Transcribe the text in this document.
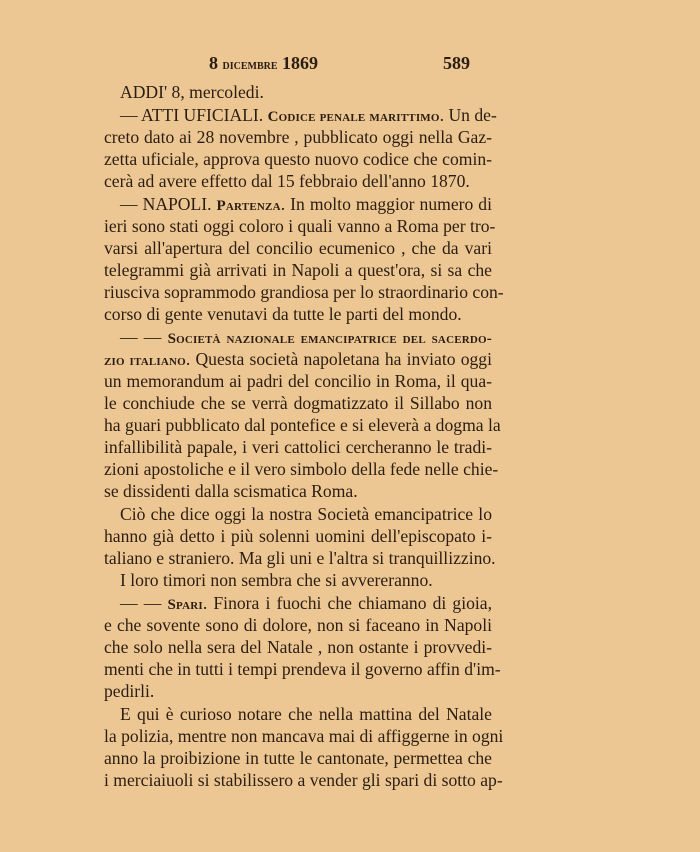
8 dicembre 1869	589
ADDI' 8, mercoledi.
— ATTI UFICIALI. Codice penale marittimo. Un de-
creto dato ai 28 novembre , pubblicato oggi nella Gaz-
zetta uficiale, approva questo nuovo codice che comin-
cerà ad avere effetto dal 15 febbraio dell'anno 1870.
— NAPOLI. Partenza. In molto maggior numero di
ieri sono stati oggi coloro i quali vanno a Roma per tro-
varsi all'apertura del concilio ecumenico , che da vari
telegrammi già arrivati in Napoli a quest'ora, si sa che
riusciva soprammodo grandiosa per lo straordinario con-
corso di gente venutavi da tutte le parti del mondo.
— — Società nazionale emancipatrice del sacerdo-
zio italiano. Questa società napoletana ha inviato oggi
un memorandum ai padri del concilio in Roma, il qua-
le conchiude che se verrà dogmatizzato il Sillabo non
ha guari pubblicato dal pontefice e si eleverà a dogma la
infallibilità papale, i veri cattolici cercheranno le tradi-
zioni apostoliche e il vero simbolo della fede nelle chie-
se dissidenti dalla scismatica Roma.
Ciò che dice oggi la nostra Società emancipatrice lo
hanno già detto i più solenni uomini dell'episcopato i-
taliano e straniero. Ma gli uni e l'altra si tranquillizzino.
I loro timori non sembra che si avvereranno.
— — Spari. Finora i fuochi che chiamano di gioia,
e che sovente sono di dolore, non si faceano in Napoli
che solo nella sera del Natale , non ostante i provvedi-
menti che in tutti i tempi prendeva il governo affin d'im-
pedirli.
E qui è curioso notare che nella mattina del Natale
la polizia, mentre non mancava mai di affiggerne in ogni
anno la proibizione in tutte le cantonate, permettea che
i merciaiuoli si stabilissero a vender gli spari di sotto ap-
